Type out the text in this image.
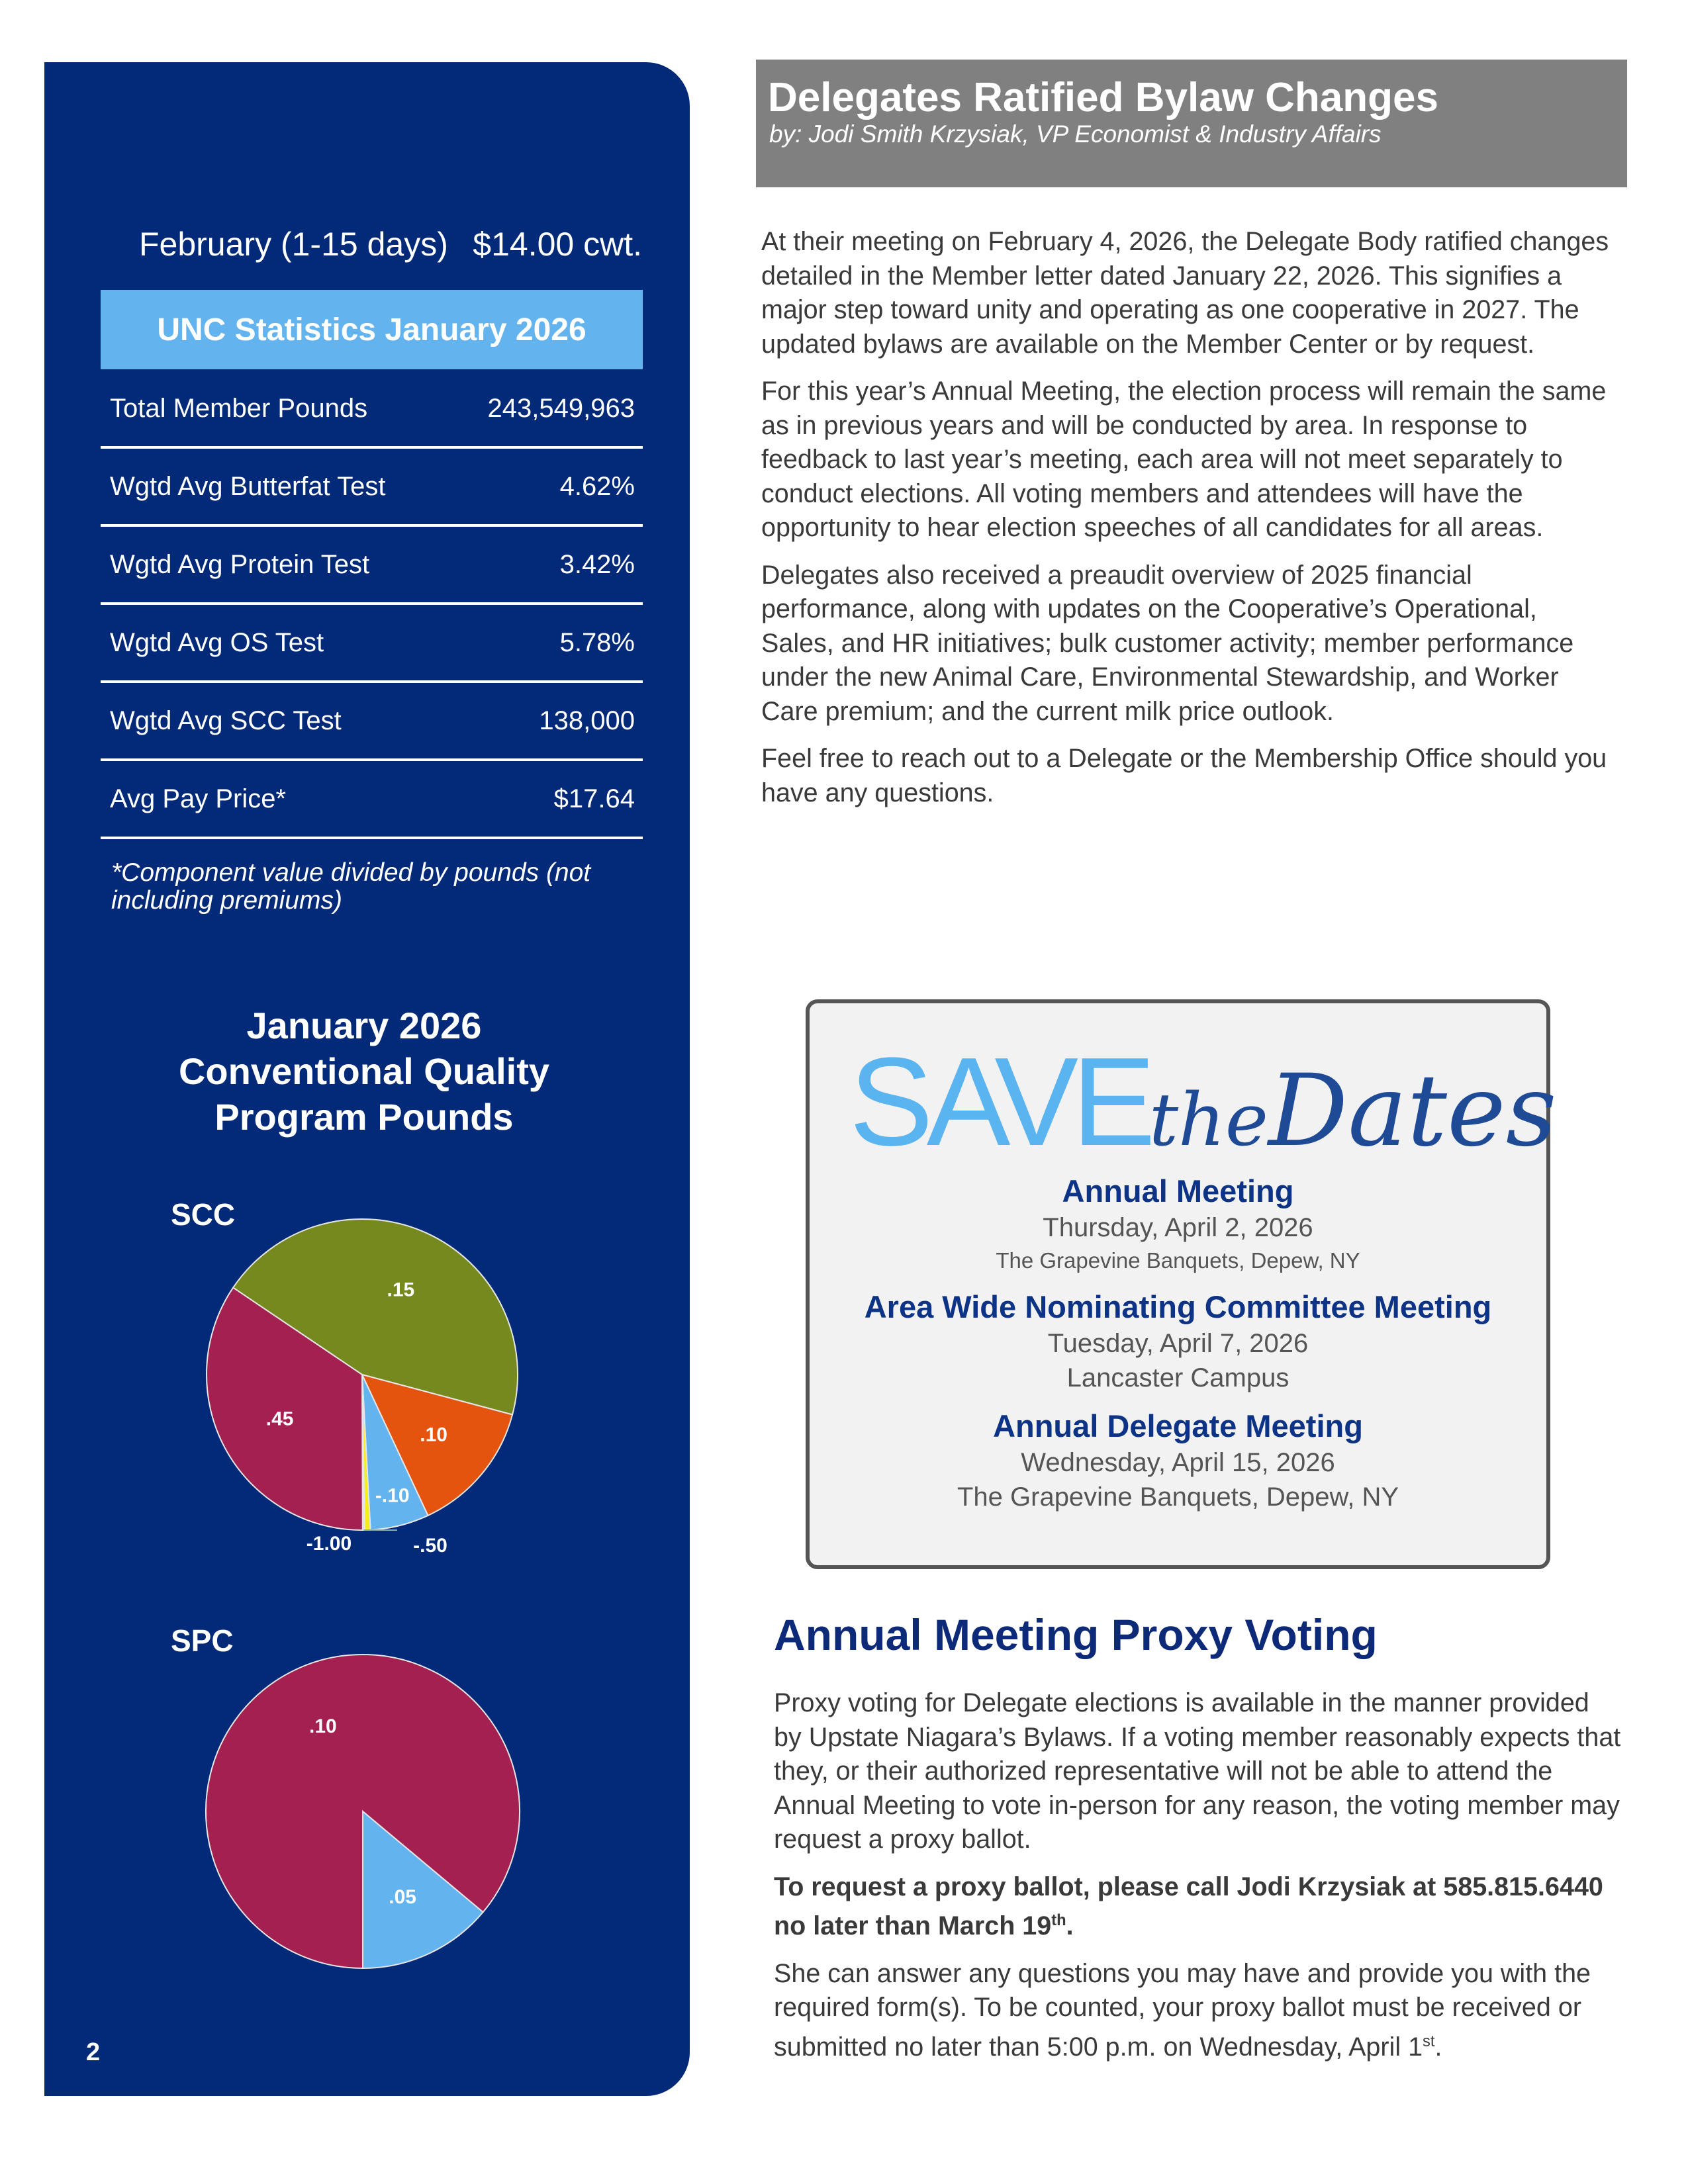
February (1-15 days) $14.00 cwt.
UNC Statistics January 2026
Total Member Pounds	243,549,963
Wgtd Avg Butterfat Test	4.62%
Wgtd Avg Protein Test	3.42%
Wgtd Avg OS Test	5.78%
Wgtd Avg SCC Test	138,000
Avg Pay Price*	$17.64
*Component value divided by pounds (not including premiums)
January 2026
Conventional Quality
Program Pounds
SCC
SPC
.15
.10
-.10
-.50
-1.00
.45
.10
.05
2
Delegates Ratified Bylaw Changes
by: Jodi Smith Krzysiak, VP Economist & Industry Affairs

At their meeting on February 4, 2026, the Delegate Body ratified changes detailed in the Member letter dated January 22, 2026. This signifies a major step toward unity and operating as one cooperative in 2027. The updated bylaws are available on the Member Center or by request.

For this year’s Annual Meeting, the election process will remain the same as in previous years and will be conducted by area. In response to feedback to last year’s meeting, each area will not meet separately to conduct elections. All voting members and attendees will have the opportunity to hear election speeches of all candidates for all areas.

Delegates also received a preaudit overview of 2025 financial performance, along with updates on the Cooperative’s Operational, Sales, and HR initiatives; bulk customer activity; member performance under the new Animal Care, Environmental Stewardship, and Worker Care premium; and the current milk price outlook.

Feel free to reach out to a Delegate or the Membership Office should you have any questions.

SAVEtheDates
Annual Meeting
Thursday, April 2, 2026
The Grapevine Banquets, Depew, NY
Area Wide Nominating Committee Meeting
Tuesday, April 7, 2026
Lancaster Campus
Annual Delegate Meeting
Wednesday, April 15, 2026
The Grapevine Banquets, Depew, NY
Annual Meeting Proxy Voting

Proxy voting for Delegate elections is available in the manner provided by Upstate Niagara’s Bylaws. If a voting member reasonably expects that they, or their authorized representative will not be able to attend the Annual Meeting to vote in-person for any reason, the voting member may request a proxy ballot.

To request a proxy ballot, please call Jodi Krzysiak at 585.815.6440 no later than March 19th.

She can answer any questions you may have and provide you with the required form(s). To be counted, your proxy ballot must be received or submitted no later than 5:00 p.m. on Wednesday, April 1st.
